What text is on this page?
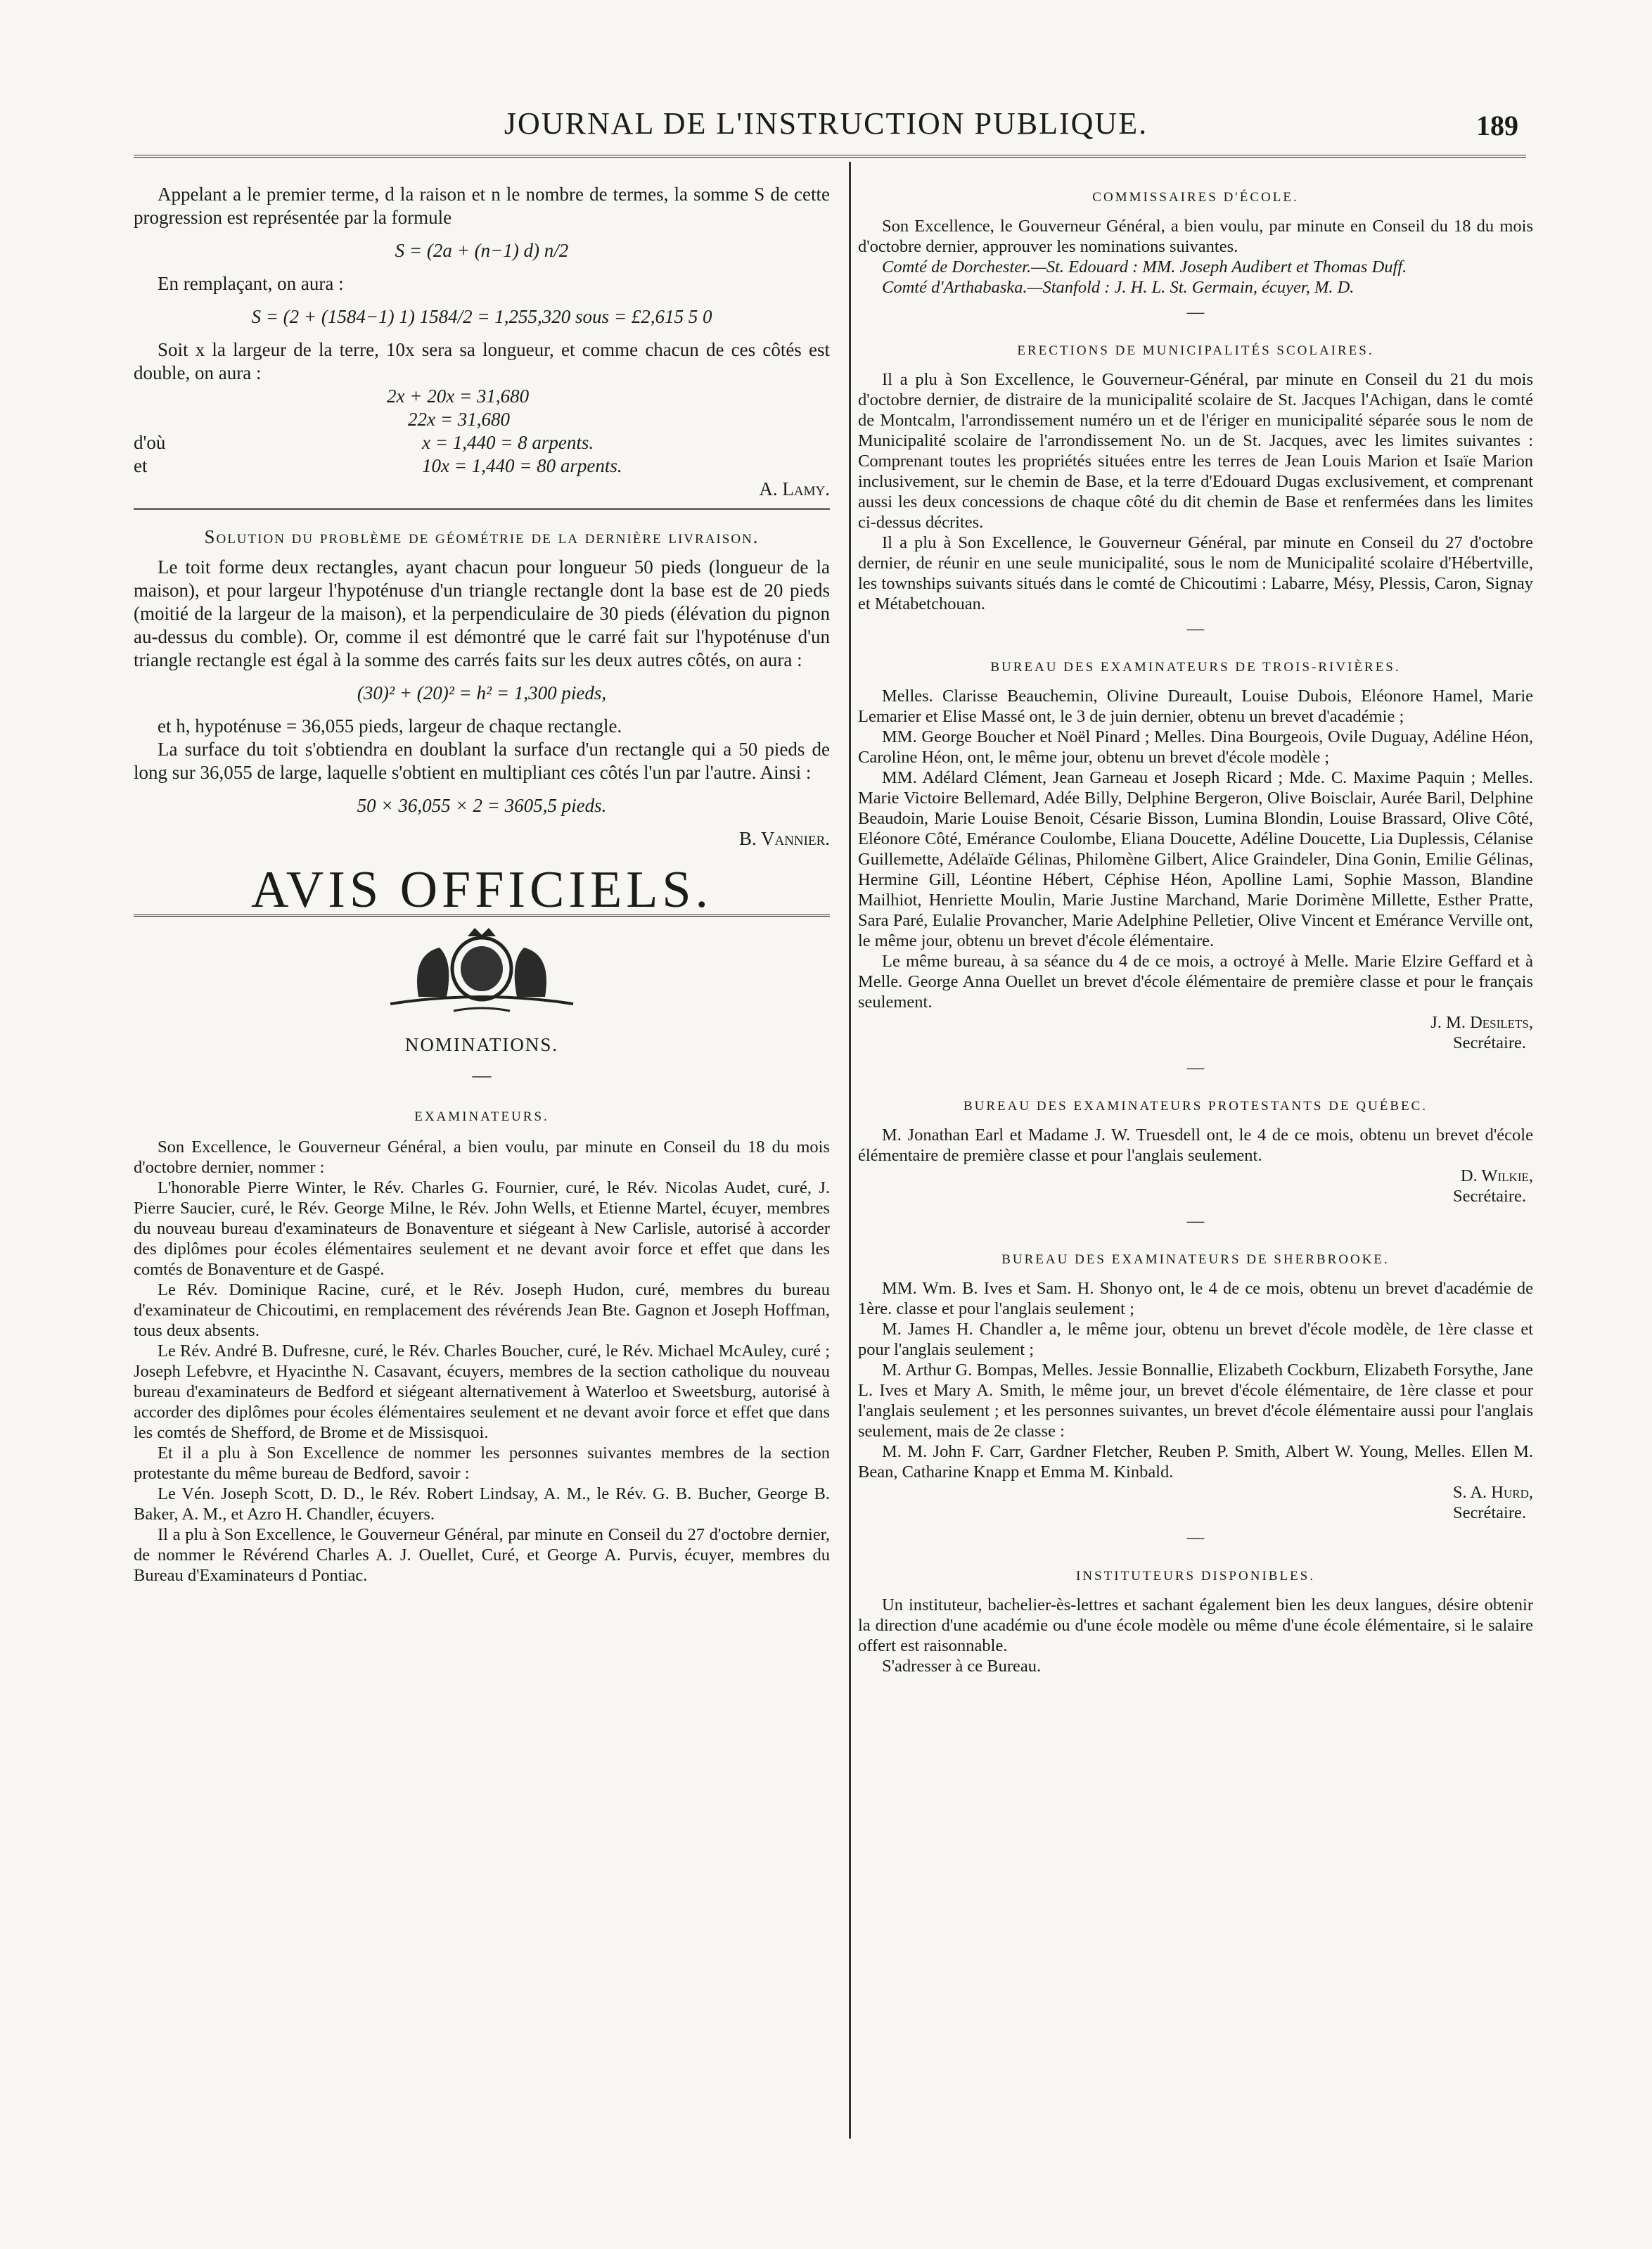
JOURNAL DE L'INSTRUCTION PUBLIQUE.	189

Appelant a le premier terme, d la raison et n le nombre de termes, la somme S de cette progression est représentée par la formule

S = (2a + (n−1) d) n/2

En remplaçant, on aura :

S = (2 + (1584−1) 1) 1584/2 = 1,255,320 sous = £2,615 5 0

Soit x la largeur de la terre, 10x sera sa longueur, et comme chacun de ces côtés est double, on aura :

2x + 20x = 31,680
22x = 31,680
d'où	x = 1,440 = 8 arpents.
et	10x = 1,440 = 80 arpents.

A. Lamy.

Solution du problème de géométrie de la dernière livraison.

Le toit forme deux rectangles, ayant chacun pour longueur 50 pieds (longueur de la maison), et pour largeur l'hypoténuse d'un triangle rectangle dont la base est de 20 pieds (moitié de la largeur de la maison), et la perpendiculaire de 30 pieds (élévation du pignon au-dessus du comble). Or, comme il est démontré que le carré fait sur l'hypoténuse d'un triangle rectangle est égal à la somme des carrés faits sur les deux autres côtés, on aura :

(30)² + (20)² = h² = 1,300 pieds,

et h, hypoténuse = 36,055 pieds, largeur de chaque rectangle.

La surface du toit s'obtiendra en doublant la surface d'un rectangle qui a 50 pieds de long sur 36,055 de large, laquelle s'obtient en multipliant ces côtés l'un par l'autre. Ainsi :

50 × 36,055 × 2 = 3605,5 pieds.

B. Vannier.

AVIS OFFICIELS.

NOMINATIONS.

—

EXAMINATEURS.

Son Excellence, le Gouverneur Général, a bien voulu, par minute en Conseil du 18 du mois d'octobre dernier, nommer :

L'honorable Pierre Winter, le Rév. Charles G. Fournier, curé, le Rév. Nicolas Audet, curé, J. Pierre Saucier, curé, le Rév. George Milne, le Rév. John Wells, et Etienne Martel, écuyer, membres du nouveau bureau d'examinateurs de Bonaventure et siégeant à New Carlisle, autorisé à accorder des diplômes pour écoles élémentaires seulement et ne devant avoir force et effet que dans les comtés de Bonaventure et de Gaspé.

Le Rév. Dominique Racine, curé, et le Rév. Joseph Hudon, curé, membres du bureau d'examinateur de Chicoutimi, en remplacement des révérends Jean Bte. Gagnon et Joseph Hoffman, tous deux absents.

Le Rév. André B. Dufresne, curé, le Rév. Charles Boucher, curé, le Rév. Michael McAuley, curé ; Joseph Lefebvre, et Hyacinthe N. Casavant, écuyers, membres de la section catholique du nouveau bureau d'examinateurs de Bedford et siégeant alternativement à Waterloo et Sweetsburg, autorisé à accorder des diplômes pour écoles élémentaires seulement et ne devant avoir force et effet que dans les comtés de Shefford, de Brome et de Missisquoi.

Et il a plu à Son Excellence de nommer les personnes suivantes membres de la section protestante du même bureau de Bedford, savoir :

Le Vén. Joseph Scott, D. D., le Rév. Robert Lindsay, A. M., le Rév. G. B. Bucher, George B. Baker, A. M., et Azro H. Chandler, écuyers.

Il a plu à Son Excellence, le Gouverneur Général, par minute en Conseil du 27 d'octobre dernier, de nommer le Révérend Charles A. J. Ouellet, Curé, et George A. Purvis, écuyer, membres du Bureau d'Examinateurs d Pontiac.

COMMISSAIRES D'ÉCOLE.

Son Excellence, le Gouverneur Général, a bien voulu, par minute en Conseil du 18 du mois d'octobre dernier, approuver les nominations suivantes.

Comté de Dorchester.—St. Edouard : MM. Joseph Audibert et Thomas Duff.

Comté d'Arthabaska.—Stanfold : J. H. L. St. Germain, écuyer, M. D.

—

ERECTIONS DE MUNICIPALITÉS SCOLAIRES.

Il a plu à Son Excellence, le Gouverneur-Général, par minute en Conseil du 21 du mois d'octobre dernier, de distraire de la municipalité scolaire de St. Jacques l'Achigan, dans le comté de Montcalm, l'arrondissement numéro un et de l'ériger en municipalité séparée sous le nom de Municipalité scolaire de l'arrondissement No. un de St. Jacques, avec les limites suivantes : Comprenant toutes les propriétés situées entre les terres de Jean Louis Marion et Isaïe Marion inclusivement, sur le chemin de Base, et la terre d'Edouard Dugas exclusivement, et comprenant aussi les deux concessions de chaque côté du dit chemin de Base et renfermées dans les limites ci-dessus décrites.

Il a plu à Son Excellence, le Gouverneur Général, par minute en Conseil du 27 d'octobre dernier, de réunir en une seule municipalité, sous le nom de Municipalité scolaire d'Hébertville, les townships suivants situés dans le comté de Chicoutimi : Labarre, Mésy, Plessis, Caron, Signay et Métabetchouan.

—

BUREAU DES EXAMINATEURS DE TROIS-RIVIÈRES.

Melles. Clarisse Beauchemin, Olivine Dureault, Louise Dubois, Eléonore Hamel, Marie Lemarier et Elise Massé ont, le 3 de juin dernier, obtenu un brevet d'académie ;

MM. George Boucher et Noël Pinard ; Melles. Dina Bourgeois, Ovile Duguay, Adéline Héon, Caroline Héon, ont, le même jour, obtenu un brevet d'école modèle ;

MM. Adélard Clément, Jean Garneau et Joseph Ricard ; Mde. C. Maxime Paquin ; Melles. Marie Victoire Bellemard, Adée Billy, Delphine Bergeron, Olive Boisclair, Aurée Baril, Delphine Beaudoin, Marie Louise Benoit, Césarie Bisson, Lumina Blondin, Louise Brassard, Olive Côté, Eléonore Côté, Emérance Coulombe, Eliana Doucette, Adéline Doucette, Lia Duplessis, Célanise Guillemette, Adélaïde Gélinas, Philomène Gilbert, Alice Graindeler, Dina Gonin, Emilie Gélinas, Hermine Gill, Léontine Hébert, Céphise Héon, Apolline Lami, Sophie Masson, Blandine Mailhiot, Henriette Moulin, Marie Justine Marchand, Marie Dorimène Millette, Esther Pratte, Sara Paré, Eulalie Provancher, Marie Adelphine Pelletier, Olive Vincent et Emérance Verville ont, le même jour, obtenu un brevet d'école élémentaire.

Le même bureau, à sa séance du 4 de ce mois, a octroyé à Melle. Marie Elzire Geffard et à Melle. George Anna Ouellet un brevet d'école élémentaire de première classe et pour le français seulement.

J. M. Desilets,

Secrétaire.

—

BUREAU DES EXAMINATEURS PROTESTANTS DE QUÉBEC.

M. Jonathan Earl et Madame J. W. Truesdell ont, le 4 de ce mois, obtenu un brevet d'école élémentaire de première classe et pour l'anglais seulement.

D. Wilkie,

Secrétaire.

—

BUREAU DES EXAMINATEURS DE SHERBROOKE.

MM. Wm. B. Ives et Sam. H. Shonyo ont, le 4 de ce mois, obtenu un brevet d'académie de 1ère. classe et pour l'anglais seulement ;

M. James H. Chandler a, le même jour, obtenu un brevet d'école modèle, de 1ère classe et pour l'anglais seulement ;

M. Arthur G. Bompas, Melles. Jessie Bonnallie, Elizabeth Cockburn, Elizabeth Forsythe, Jane L. Ives et Mary A. Smith, le même jour, un brevet d'école élémentaire, de 1ère classe et pour l'anglais seulement ; et les personnes suivantes, un brevet d'école élémentaire aussi pour l'anglais seulement, mais de 2e classe :

M. M. John F. Carr, Gardner Fletcher, Reuben P. Smith, Albert W. Young, Melles. Ellen M. Bean, Catharine Knapp et Emma M. Kinbald.

S. A. Hurd,

Secrétaire.

—

INSTITUTEURS DISPONIBLES.

Un instituteur, bachelier-ès-lettres et sachant également bien les deux langues, désire obtenir la direction d'une académie ou d'une école modèle ou même d'une école élémentaire, si le salaire offert est raisonnable.

S'adresser à ce Bureau.
